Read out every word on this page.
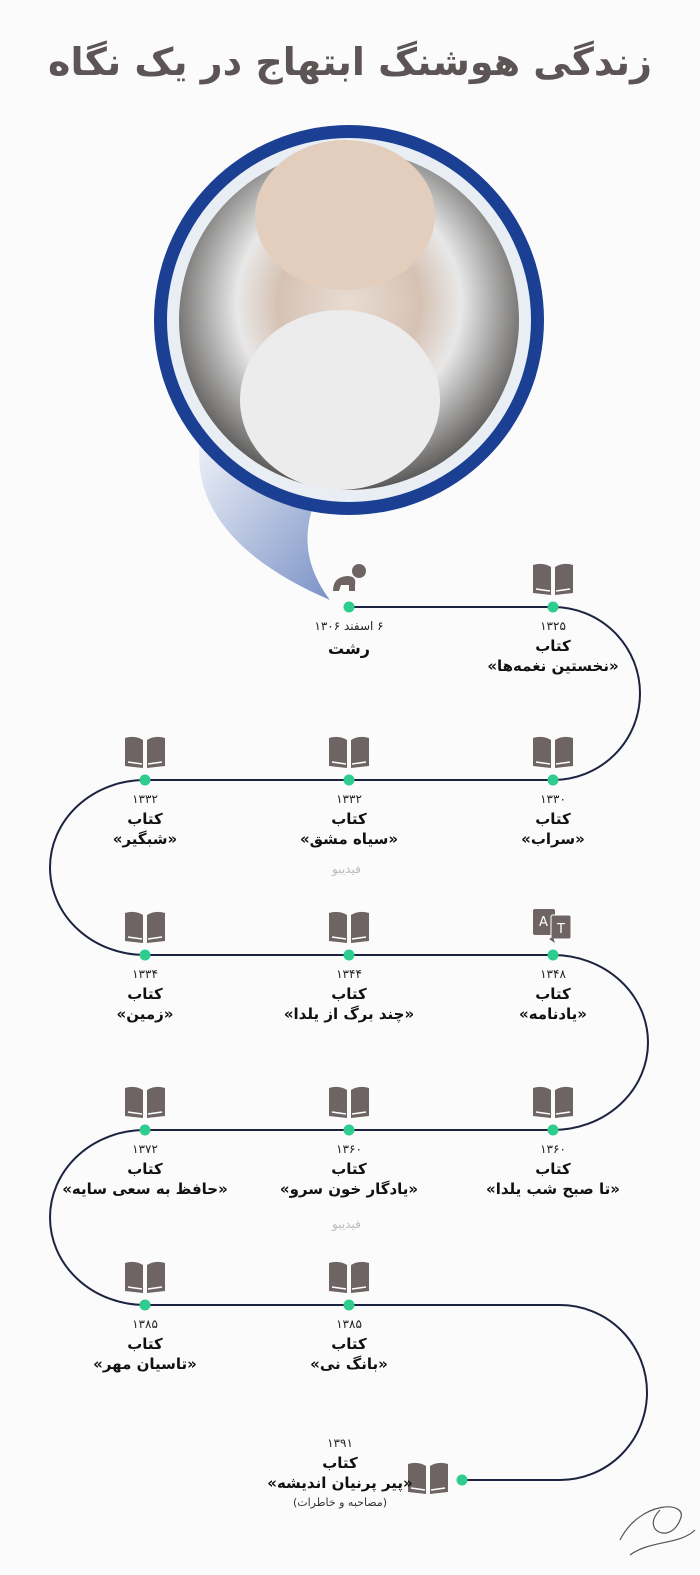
زندگی هوشنگ ابتهاج در یک نگاه
فیدیبو
فیدیبو
۶ اسفند ۱۳۰۶
رشت
۱۳۲۵
کتاب
«نخستین نغمه‌ها»
۱۳۳۰
کتاب
«سراب»
۱۳۳۲
کتاب
«سیاه مشق»
۱۳۳۲
کتاب
«شبگیر»
۱۳۳۴
کتاب
«زمین»
۱۳۴۴
کتاب
«چند برگ از یلدا»
A T
۱۳۴۸
کتاب
«یادنامه»
۱۳۶۰
کتاب
«تا صبح شب یلدا»
۱۳۶۰
کتاب
«یادگار خون سرو»
۱۳۷۲
کتاب
«حافظ به سعی سایه»
۱۳۸۵
کتاب
«تاسیان مهر»
۱۳۸۵
کتاب
«بانگ نی»
۱۳۹۱
کتاب
«پیر پرنیان اندیشه»
(مصاحبه و خاطرات)
